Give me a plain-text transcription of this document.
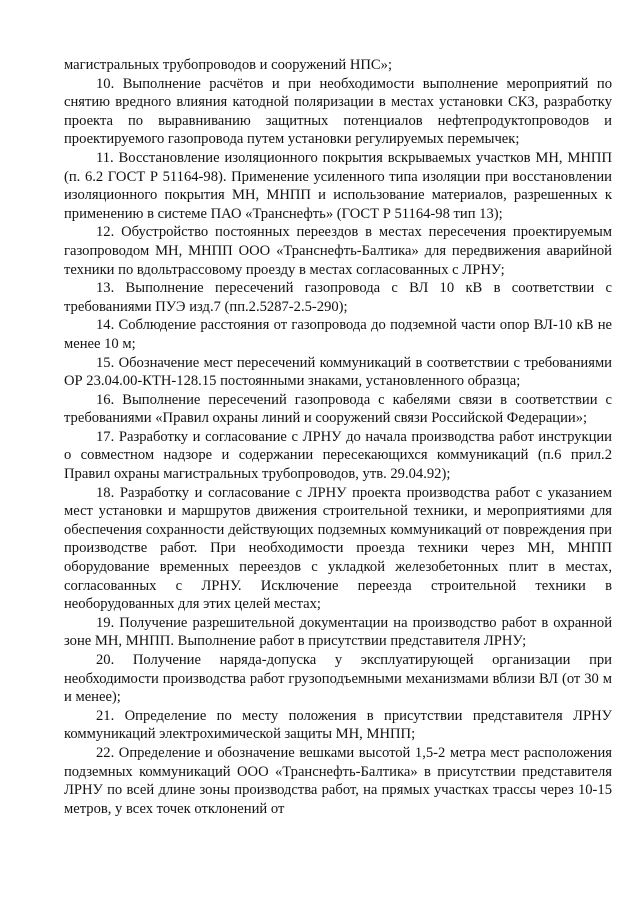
магистральных трубопроводов и сооружений НПС»;

10. Выполнение расчётов и при необходимости выполнение мероприятий по снятию вредного влияния катодной поляризации в местах установки СКЗ, разработку проекта по выравниванию защитных потенциалов нефтепродуктопроводов и проектируемого газопровода путем установки регулируемых перемычек;

11. Восстановление изоляционного покрытия вскрываемых участков МН, МНПП (п. 6.2 ГОСТ Р 51164-98). Применение усиленного типа изоляции при восстановлении изоляционного покрытия МН, МНПП и использование материалов, разрешенных к применению в системе ПАО «Транснефть» (ГОСТ Р 51164-98 тип 13);

12. Обустройство постоянных переездов в местах пересечения проектируемым газопроводом МН, МНПП ООО «Транснефть-Балтика» для передвижения аварийной техники по вдольтрассовому проезду в местах согласованных с ЛРНУ;

13. Выполнение пересечений газопровода с ВЛ 10 кВ в соответствии с требованиями ПУЭ изд.7 (пп.2.5287-2.5-290);

14. Соблюдение расстояния от газопровода до подземной части опор ВЛ-10 кВ не менее 10 м;

15. Обозначение мест пересечений коммуникаций в соответствии с требованиями ОР 23.04.00-КТН-128.15 постоянными знаками, установленного образца;

16. Выполнение пересечений газопровода с кабелями связи в соответствии с требованиями «Правил охраны линий и сооружений связи Российской Федерации»;

17. Разработку и согласование с ЛРНУ до начала производства работ инструкции о совместном надзоре и содержании пересекающихся коммуникаций (п.6 прил.2 Правил охраны магистральных трубопроводов, утв. 29.04.92);

18. Разработку и согласование с ЛРНУ проекта производства работ с указанием мест установки и маршрутов движения строительной техники, и мероприятиями для обеспечения сохранности действующих подземных коммуникаций от повреждения при производстве работ. При необходимости проезда техники через МН, МНПП оборудование временных переездов с укладкой железобетонных плит в местах, согласованных с ЛРНУ. Исключение переезда строительной техники в необорудованных для этих целей местах;

19. Получение разрешительной документации на производство работ в охранной зоне МН, МНПП. Выполнение работ в присутствии представителя ЛРНУ;

20. Получение наряда-допуска у эксплуатирующей организации при необходимости производства работ грузоподъемными механизмами вблизи ВЛ (от 30 м и менее);

21. Определение по месту положения в присутствии представителя ЛРНУ коммуникаций электрохимической защиты МН, МНПП;

22. Определение и обозначение вешками высотой 1,5-2 метра мест расположения подземных коммуникаций ООО «Транснефть-Балтика» в присутствии представителя ЛРНУ по всей длине зоны производства работ, на прямых участках трассы через 10-15 метров, у всех точек отклонений от
